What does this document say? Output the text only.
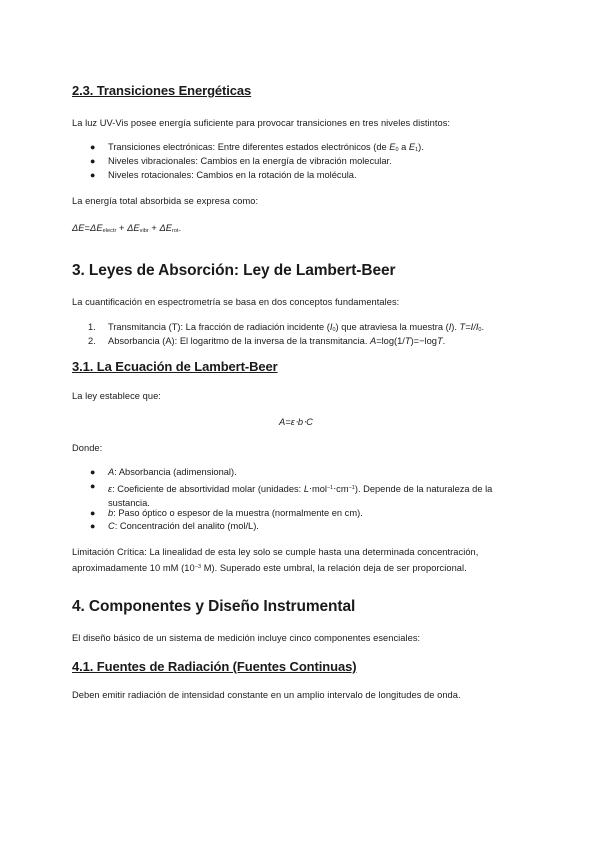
2.3. Transiciones Energéticas
La luz UV-Vis posee energía suficiente para provocar transiciones en tres niveles distintos:
● Transiciones electrónicas: Entre diferentes estados electrónicos (de $E_0$ a $E_1$).
● Niveles vibracionales: Cambios en la energía de vibración molecular.
● Niveles rotacionales: Cambios en la rotación de la molécula.
La energía total absorbida se expresa como:
$\Delta E=\Delta E_{electr} + \Delta E_{vibr} + \Delta E_{rot}$.
3. Leyes de Absorción: Ley de Lambert-Beer
La cuantificación en espectrometría se basa en dos conceptos fundamentales:
1. Transmitancia (T): La fracción de radiación incidente $(I_0)$ que atraviesa la muestra (I). $T=I/I_0$.
2. Absorbancia (A): El logaritmo de la inversa de la transmitancia. A=log(1/T)=−logT.
3.1. La Ecuación de Lambert-Beer
La ley establece que:
A=ε⋅b⋅C
Donde:
● A: Absorbancia (adimensional).
● ε: Coeficiente de absortividad molar (unidades: $L\cdot mol^{-1}\cdot cm^{-1}$). Depende de la naturaleza de la sustancia.
● b: Paso óptico o espesor de la muestra (normalmente en cm).
● C: Concentración del analito (mol/L).
Limitación Crítica: La linealidad de esta ley solo se cumple hasta una determinada concentración, aproximadamente 10 mM ($10^{-3}$ M). Superado este umbral, la relación deja de ser proporcional.
4. Componentes y Diseño Instrumental
El diseño básico de un sistema de medición incluye cinco componentes esenciales:
4.1. Fuentes de Radiación (Fuentes Continuas)
Deben emitir radiación de intensidad constante en un amplio intervalo de longitudes de onda.
